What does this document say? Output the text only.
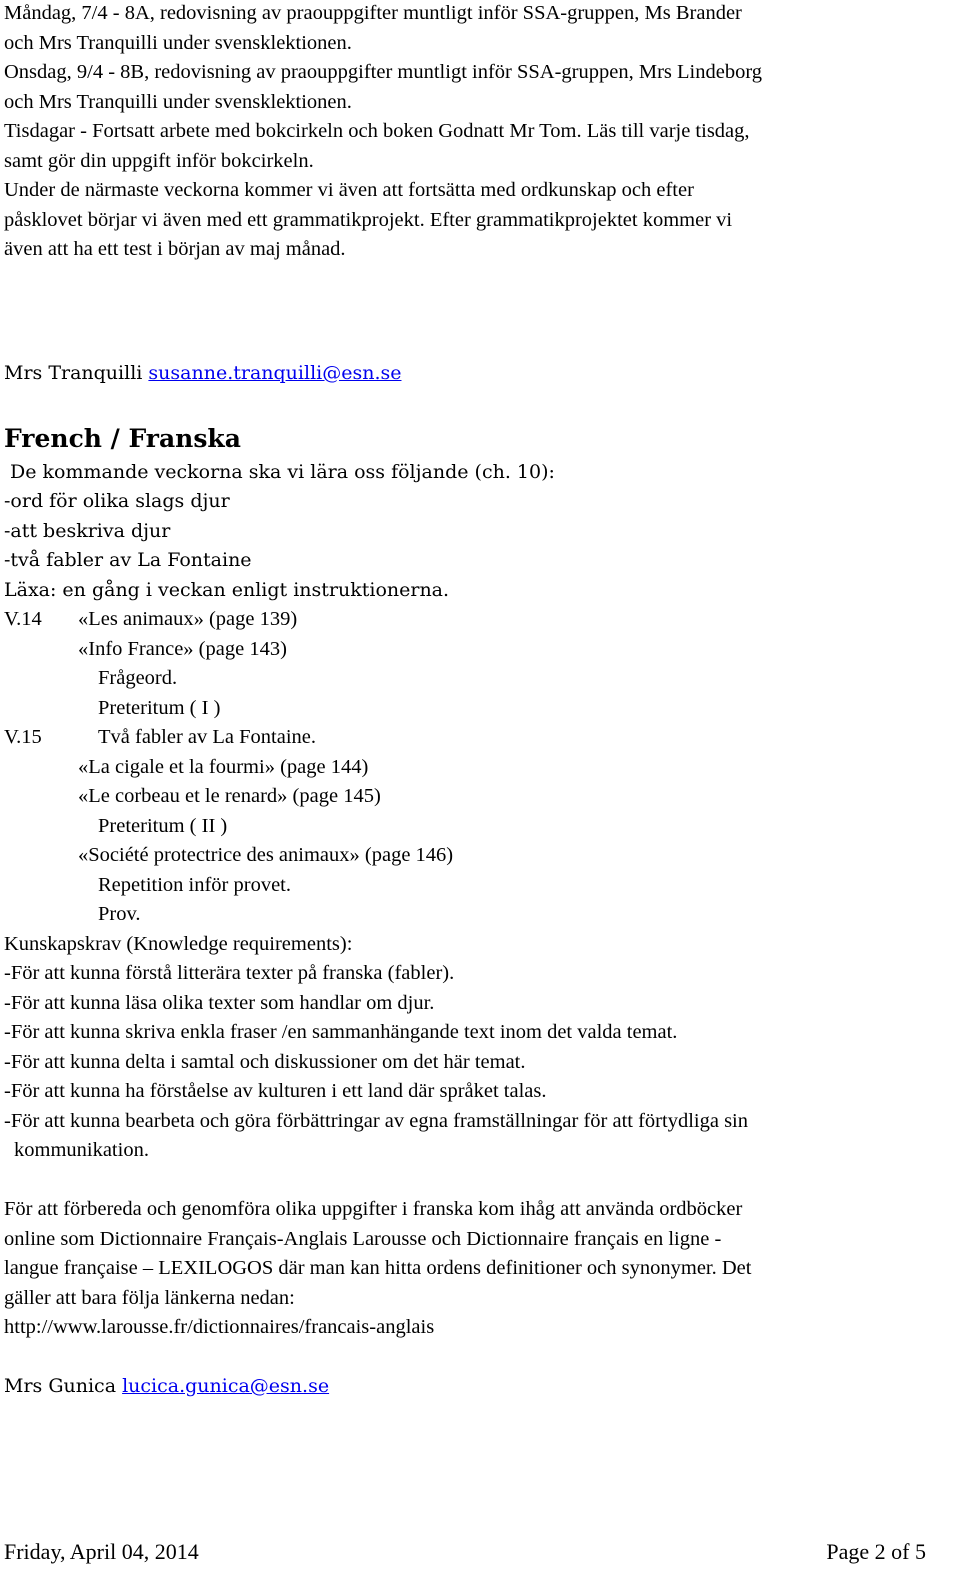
Måndag, 7/4 - 8A, redovisning av praouppgifter muntligt inför SSA-gruppen, Ms Brander
och Mrs Tranquilli under svensklektionen.
Onsdag, 9/4 - 8B, redovisning av praouppgifter muntligt inför SSA-gruppen, Mrs Lindeborg
och Mrs Tranquilli under svensklektionen.
Tisdagar - Fortsatt arbete med bokcirkeln och boken Godnatt Mr Tom. Läs till varje tisdag,
samt gör din uppgift inför bokcirkeln.
Under de närmaste veckorna kommer vi även att fortsätta med ordkunskap och efter
påsklovet börjar vi även med ett grammatikprojekt. Efter grammatikprojektet kommer vi
även att ha ett test i början av maj månad.
Mrs Tranquilli susanne.tranquilli@esn.se
French / Franska
De kommande veckorna ska vi lära oss följande (ch. 10):
-ord för olika slags djur
-att beskriva djur
-två fabler av La Fontaine
Läxa: en gång i veckan enligt instruktionerna.
V.14 «Les animaux» (page 139)
«Info France» (page 143)
Frågeord.
Preteritum ( I )
V.15	Två fabler av La Fontaine.
«La cigale et la fourmi» (page 144)
«Le corbeau et le renard» (page 145)
Preteritum ( II )
«Société protectrice des animaux» (page 146)
Repetition inför provet.
Prov.
Kunskapskrav (Knowledge requirements):
-För att kunna förstå litterära texter på franska (fabler).
-För att kunna läsa olika texter som handlar om djur.
-För att kunna skriva enkla fraser /en sammanhängande text inom det valda temat.
-För att kunna delta i samtal och diskussioner om det här temat.
-För att kunna ha förståelse av kulturen i ett land där språket talas.
-För att kunna bearbeta och göra förbättringar av egna framställningar för att förtydliga sin
kommunikation.
För att förbereda och genomföra olika uppgifter i franska kom ihåg att använda ordböcker
online som Dictionnaire Français-Anglais Larousse och Dictionnaire français en ligne -
langue française – LEXILOGOS där man kan hitta ordens definitioner och synonymer. Det
gäller att bara följa länkerna nedan:
http://www.larousse.fr/dictionnaires/francais-anglais
Mrs Gunica lucica.gunica@esn.se
Friday, April 04, 2014	Page 2 of 5
